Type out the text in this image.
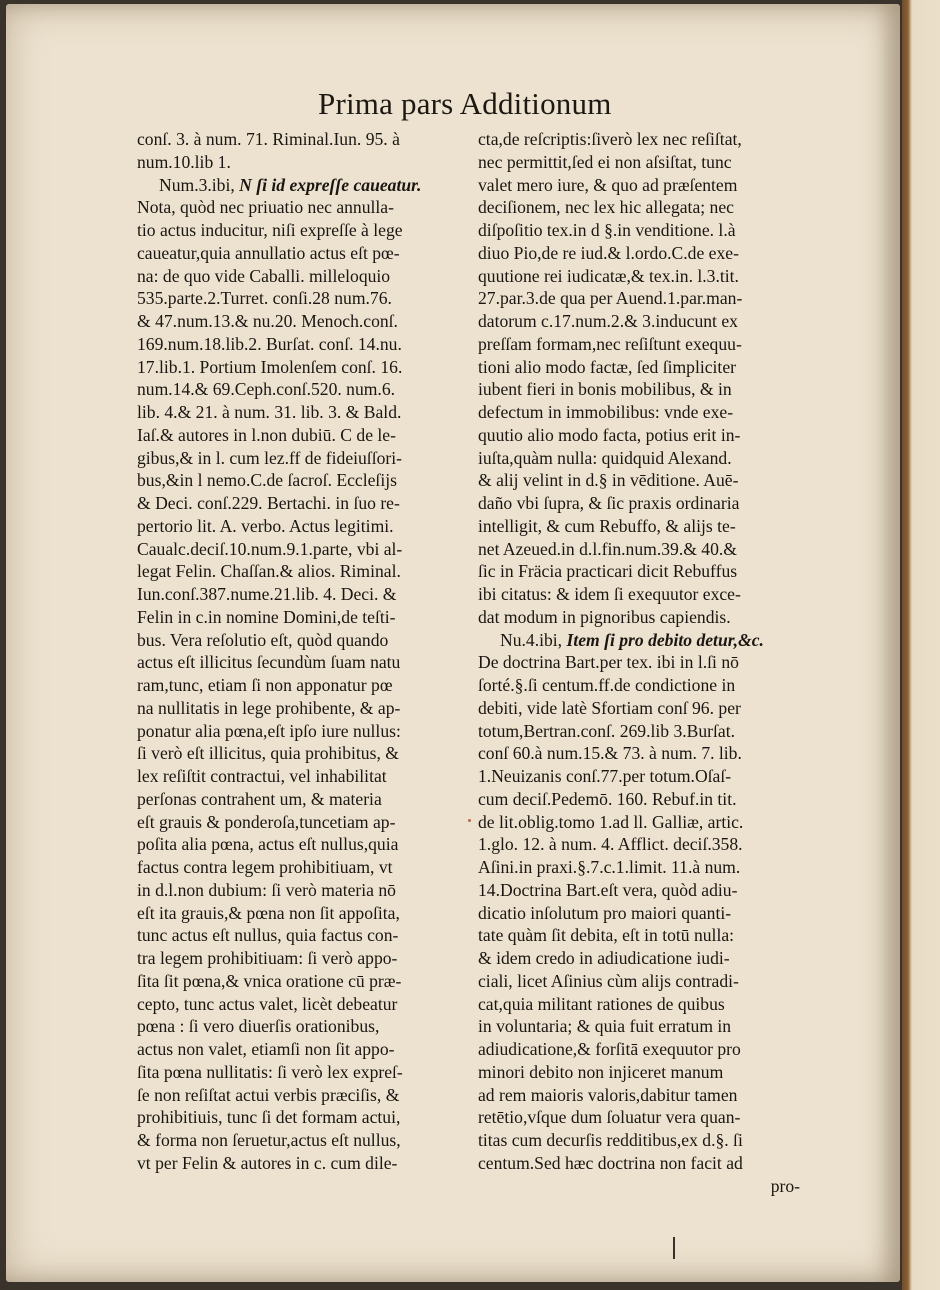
Prima pars Additionum
conſ. 3. à num. 71. Riminal.Iun. 95. à
num.10.lib 1.
Num.3.ibi, N ſi id expreſſe caueatur.
Nota, quòd nec priuatio nec annulla-
tio actus inducitur, niſi expreſſe à lege
caueatur,quia annullatio actus eſt pœ-
na: de quo vide Caballi. milleloquio
535.parte.2.Turret. conſi.28 num.76.
& 47.num.13.& nu.20. Menoch.conſ.
169.num.18.lib.2. Burſat. conſ. 14.nu.
17.lib.1. Portium Imolenſem conſ. 16.
num.14.& 69.Ceph.conſ.520. num.6.
lib. 4.& 21. à num. 31. lib. 3. & Bald.
Iaſ.& autores in l.non dubiū. C de le-
gibus,& in l. cum lez.ff de fideiuſſori-
bus,&in l nemo.C.de ſacroſ. Eccleſijs
& Deci. conſ.229. Bertachi. in ſuo re-
pertorio lit. A. verbo. Actus legitimi.
Caualc.deciſ.10.num.9.1.parte, vbi al-
legat Felin. Chaſſan.& alios. Riminal.
Iun.conſ.387.nume.21.lib. 4. Deci. &
Felin in c.in nomine Domini,de teſti-
bus. Vera reſolutio eſt, quòd quando
actus eſt illicitus ſecundùm ſuam natu
ram,tunc, etiam ſi non apponatur pœ
na nullitatis in lege prohibente, & ap-
ponatur alia pœna,eſt ipſo iure nullus:
ſi verò eſt illicitus, quia prohibitus, &
lex reſiſtit contractui, vel inhabilitat
perſonas contrahent um, & materia
eſt grauis & ponderoſa,tuncetiam ap-
poſita alia pœna, actus eſt nullus,quia
factus contra legem prohibitiuam, vt
in d.l.non dubium: ſi verò materia nō
eſt ita grauis,& pœna non ſit appoſita,
tunc actus eſt nullus, quia factus con-
tra legem prohibitiuam: ſi verò appo-
ſita ſit pœna,& vnica oratione cū præ-
cepto, tunc actus valet, licèt debeatur
pœna : ſi vero diuerſis orationibus,
actus non valet, etiamſi non ſit appo-
ſita pœna nullitatis: ſi verò lex expreſ-
ſe non reſiſtat actui verbis præciſis, &
prohibitiuis, tunc ſi det formam actui,
& forma non ſeruetur,actus eſt nullus,
vt per Felin & autores in c. cum dile-
cta,de reſcriptis:ſiverò lex nec reſiſtat,
nec permittit,ſed ei non aſsiſtat, tunc
valet mero iure, & quo ad præſentem
deciſionem, nec lex hic allegata; nec
diſpoſitio tex.in d §.in venditione. l.à
diuo Pio,de re iud.& l.ordo.C.de exe-
quutione rei iudicatæ,& tex.in. l.3.tit.
27.par.3.de qua per Auend.1.par.man-
datorum c.17.num.2.& 3.inducunt ex
preſſam formam,nec reſiſtunt exequu-
tioni alio modo factæ, ſed ſimpliciter
iubent fieri in bonis mobilibus, & in
defectum in immobilibus: vnde exe-
quutio alio modo facta, potius erit in-
iuſta,quàm nulla: quidquid Alexand.
& alij velint in d.§ in vēditione. Auē-
daño vbi ſupra, & ſic praxis ordinaria
intelligit, & cum Rebuffo, & alijs te-
net Azeued.in d.l.fin.num.39.& 40.&
ſic in Fräcia practicari dicit Rebuffus
ibi citatus: & idem ſi exequutor exce-
dat modum in pignoribus capiendis.
Nu.4.ibi, Item ſi pro debito detur,&c.
De doctrina Bart.per tex. ibi in l.ſi nō
ſorté.§.ſi centum.ff.de condictione in
debiti, vide latè Sfortiam conſ 96. per
totum,Bertran.conſ. 269.lib 3.Burſat.
conſ 60.à num.15.& 73. à num. 7. lib.
1.Neuizanis conſ.77.per totum.Oſaſ-
cum deciſ.Pedemō. 160. Rebuf.in tit.
de lit.oblig.tomo 1.ad ll. Galliæ, artic.
1.glo. 12. à num. 4. Afflict. deciſ.358.
Aſini.in praxi.§.7.c.1.limit. 11.à num.
14.Doctrina Bart.eſt vera, quòd adiu-
dicatio inſolutum pro maiori quanti-
tate quàm ſit debita, eſt in totū nulla:
& idem credo in adiudicatione iudi-
ciali, licet Aſinius cùm alijs contradi-
cat,quia militant rationes de quibus
in voluntaria; & quia fuit erratum in
adiudicatione,& forſitā exequutor pro
minori debito non injiceret manum
ad rem maioris valoris,dabitur tamen
retētio,vſque dum ſoluatur vera quan-
titas cum decurſis redditibus,ex d.§. ſi
centum.Sed hæc doctrina non facit ad
pro-
